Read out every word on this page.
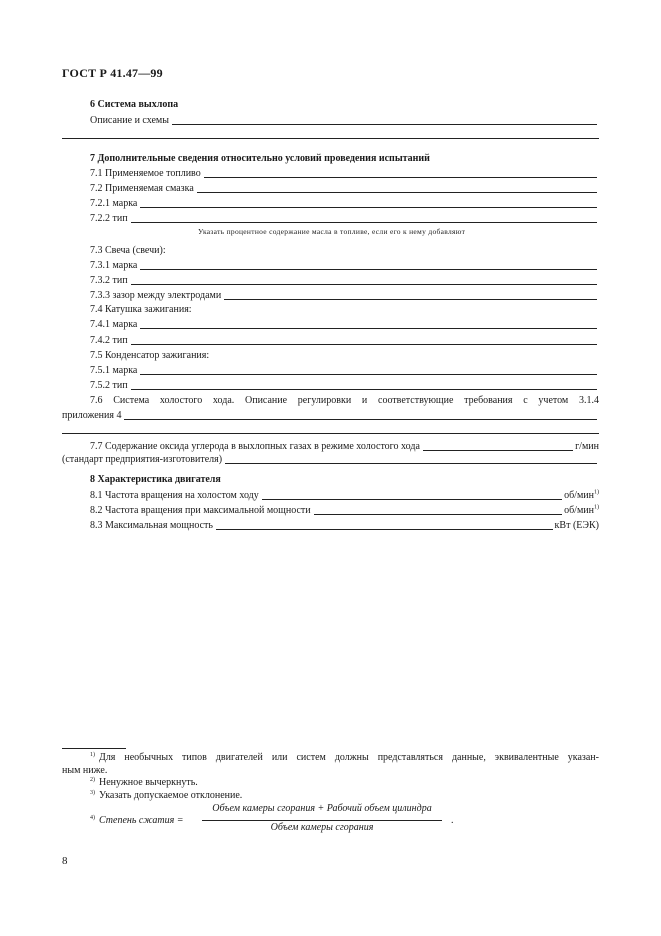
ГОСТ Р 41.47—99
6 Система выхлопа
Описание и схемы
7 Дополнительные сведения относительно условий проведения испытаний
7.1 Применяемое топливо
7.2 Применяемая смазка
7.2.1 марка
7.2.2 тип
Указать процентное содержание масла в топливе, если его к нему добавляют
7.3 Свеча (свечи):
7.3.1 марка
7.3.2 тип
7.3.3 зазор между электродами
7.4 Катушка зажигания:
7.4.1 марка
7.4.2 тип
7.5 Конденсатор зажигания:
7.5.1 марка
7.5.2 тип
7.6 Система холостого хода. Описание регулировки и соответствующие требования с учетом 3.1.4
приложения 4
7.7 Содержание оксида углерода в выхлопных газах в режиме холостого хода	г/мин
(стандарт предприятия-изготовителя)
8 Характеристика двигателя
8.1 Частота вращения на холостом ходу	об/мин$^{1)}$
8.2 Частота вращения при максимальной мощности	об/мин$^{1)}$
8.3 Максимальная мощность	кВт (ЕЭК)
$^{1)}$ Для необычных типов двигателей или систем должны представляться данные, эквивалентные указан-
ным ниже.
$^{2)}$ Ненужное вычеркнуть.
$^{3)}$ Указать допускаемое отклонение.
$^{4)}$ Степень сжатия =
Объем камеры сгорания + Рабочий объем цилиндра
Объем камеры сгорания
.
8
